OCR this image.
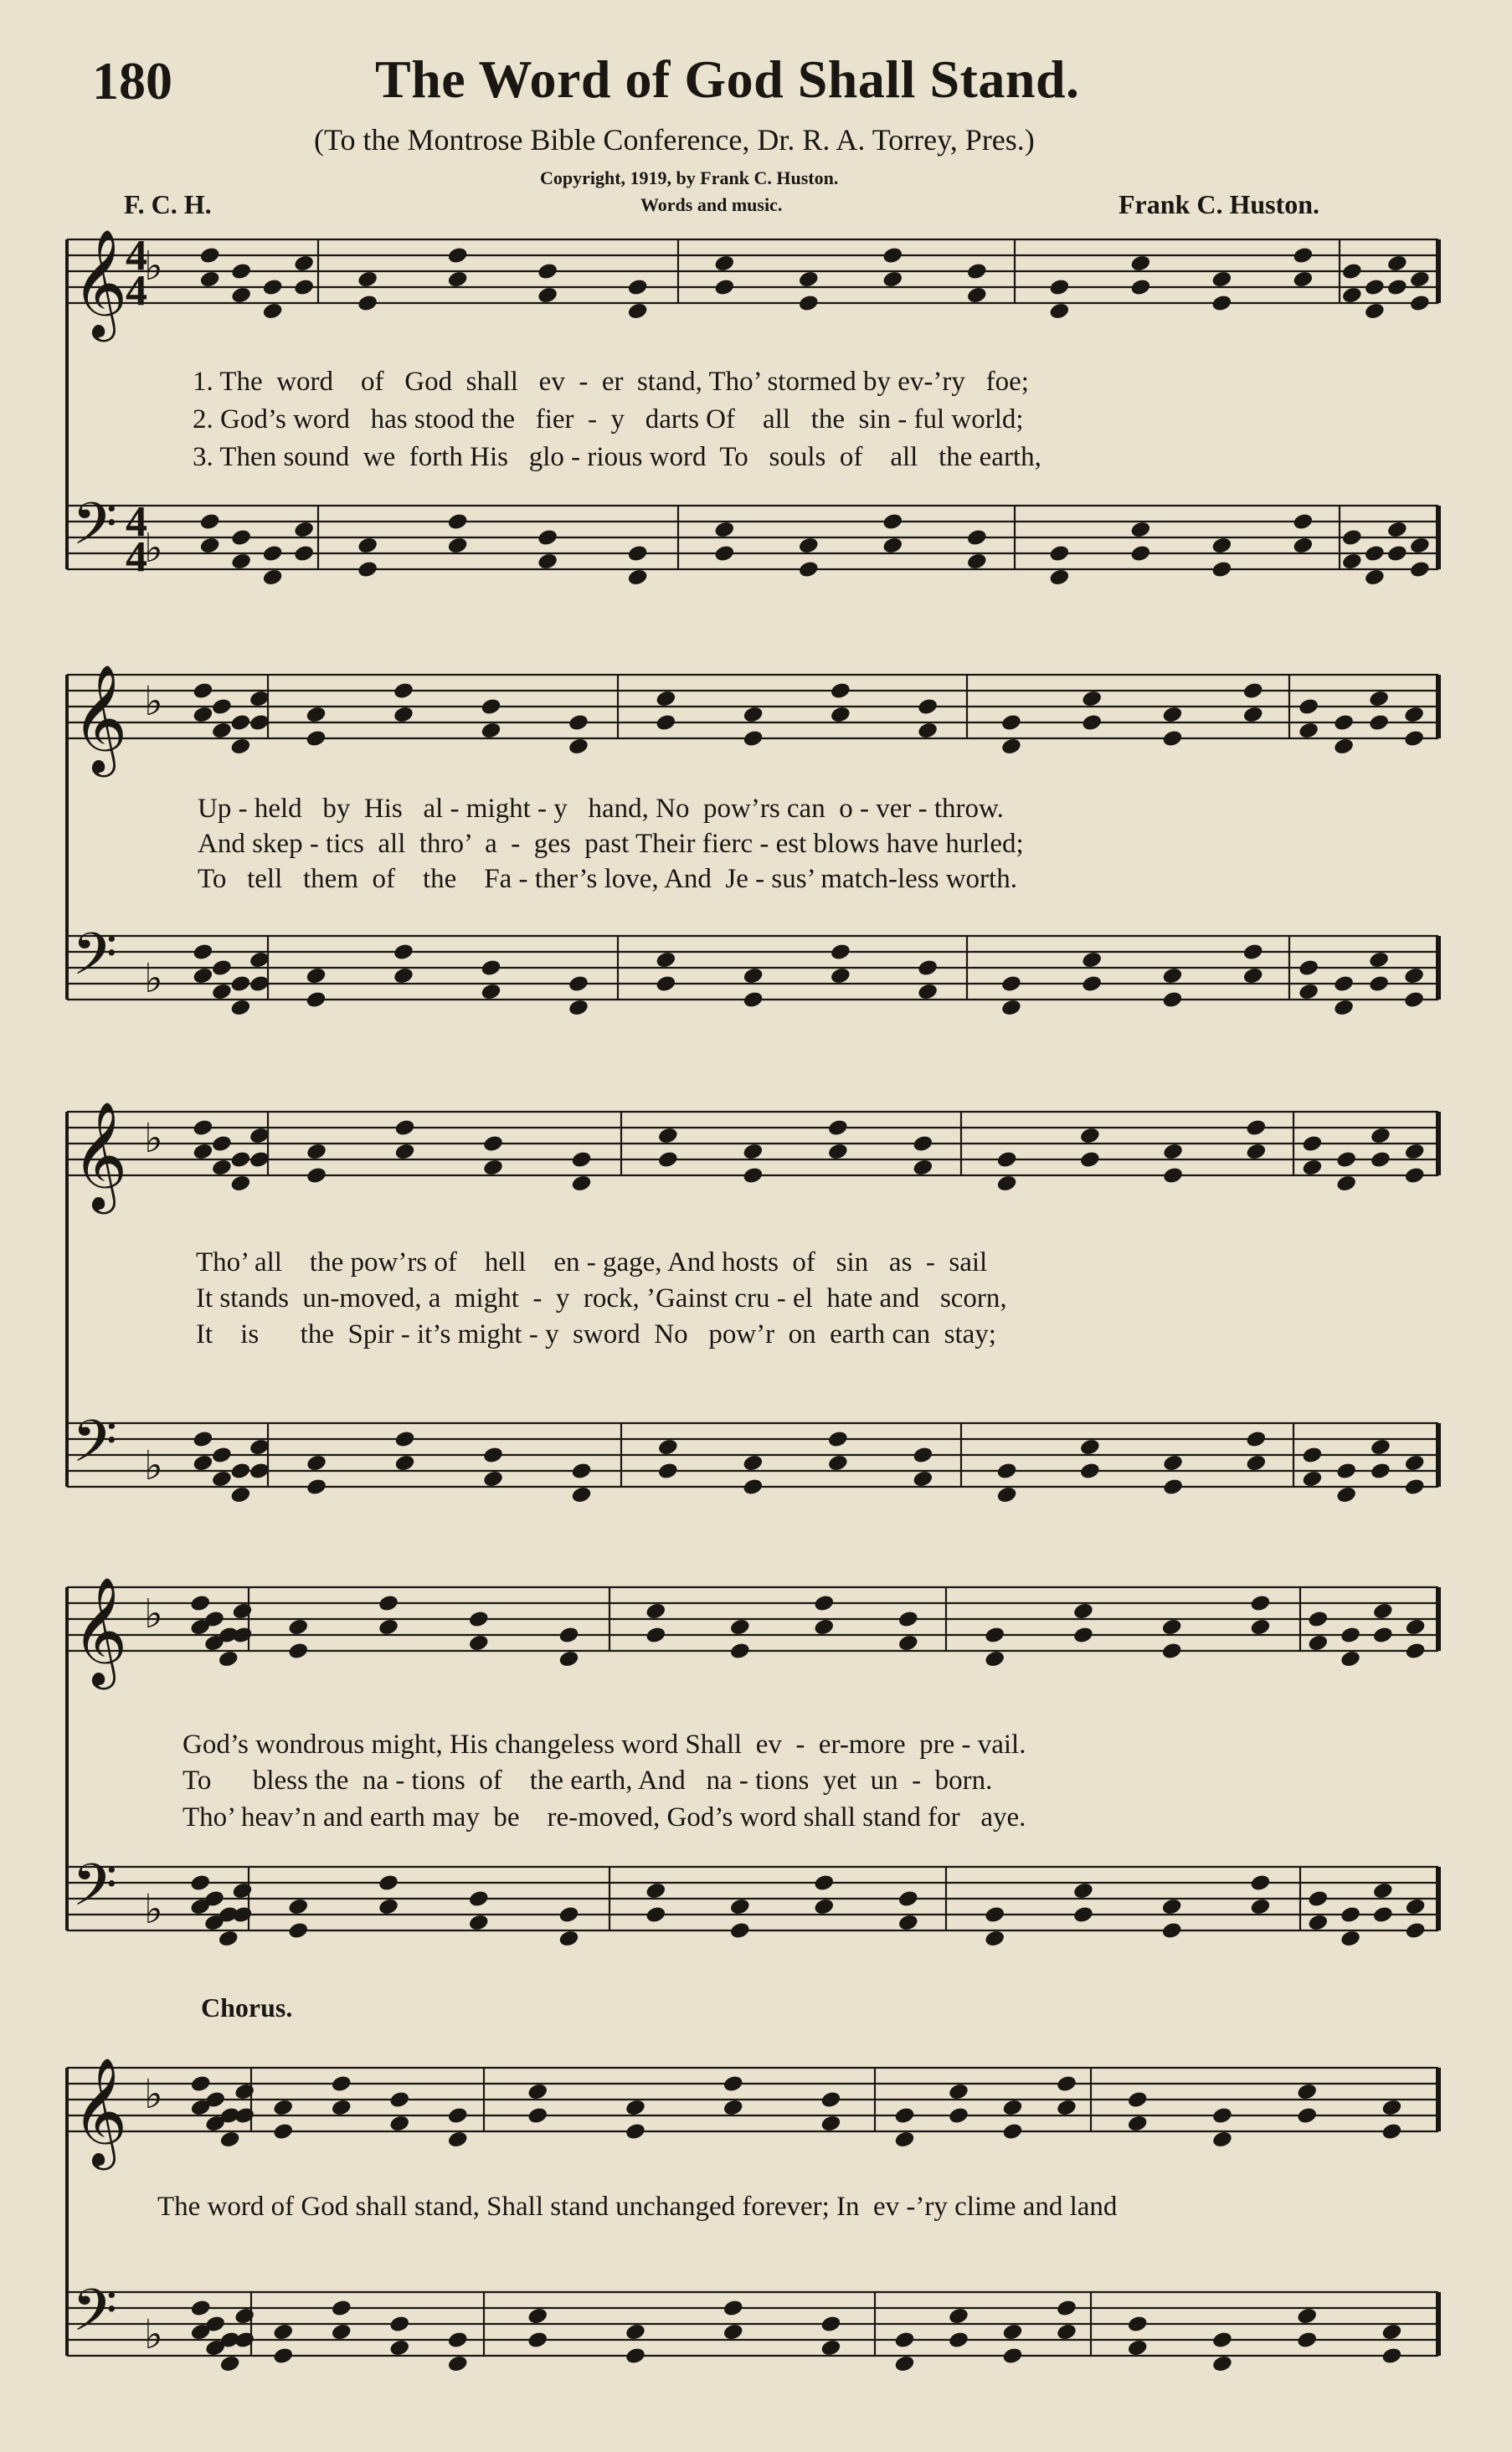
180	The Word of God Shall Stand.
(To the Montrose Bible Conference, Dr. R. A. Torrey, Pres.)
Copyright, 1919, by Frank C. Huston.
Words and music.
F. C. H.	Frank C. Huston.
𝄞 ♭
𝄢 ♭
𝄞 ♭
𝄢 ♭
𝄞 ♭
𝄢 ♭
𝄞 ♭
𝄢 ♭
𝄞 ♭
𝄢 ♭
4
4
4
4
1. The  word    of   God  shall   ev  -  er  stand, Tho’ stormed by ev-’ry   foe;
2. God’s word   has stood the   fier  -  y   darts Of    all   the  sin - ful world;
3. Then sound  we  forth His   glo - rious word  To   souls  of    all   the earth,
Up - held   by  His   al - might - y   hand, No  pow’rs can  o - ver - throw.
And skep - tics  all  thro’  a  -  ges  past Their fierc - est blows have hurled;
To   tell   them  of    the    Fa - ther’s love, And  Je - sus’ match-less worth.
Tho’ all    the pow’rs of    hell    en - gage, And hosts  of   sin   as  -  sail
It stands  un-moved, a  might  -  y  rock, ’Gainst cru - el  hate and   scorn,
It    is      the  Spir - it’s might - y  sword  No   pow’r  on  earth can  stay;
God’s wondrous might, His changeless word Shall  ev  -  er-more  pre - vail.
To      bless the  na - tions  of    the earth, And   na - tions  yet  un  -  born.
Tho’ heav’n and earth may  be    re-moved, God’s word shall stand for   aye.
Chorus.
The word of God shall stand, Shall stand unchanged forever; In  ev -’ry clime and land
